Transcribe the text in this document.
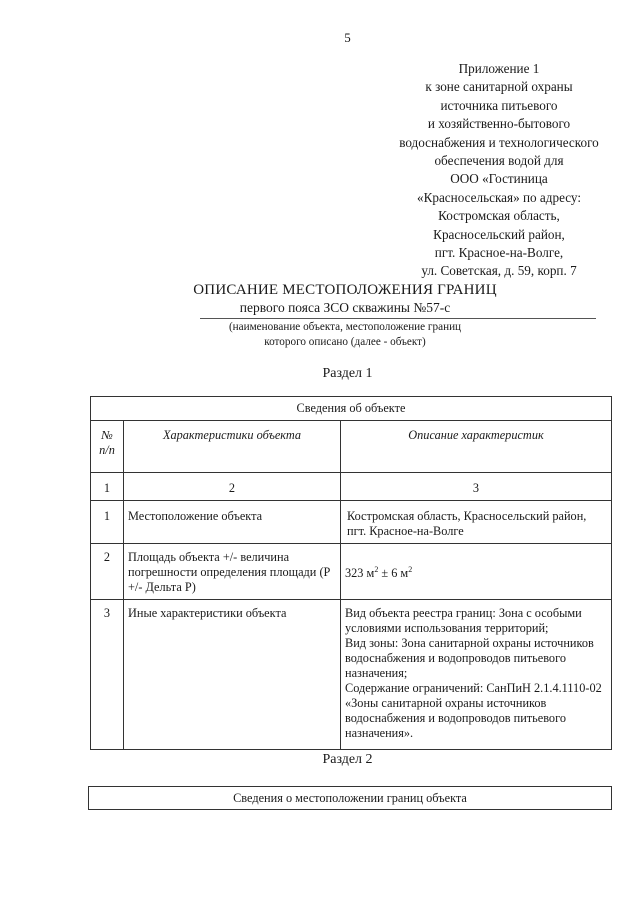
5
Приложение 1
к зоне санитарной охраны
источника питьевого
и хозяйственно-бытового
водоснабжения и технологического
обеспечения водой для
ООО «Гостиница
«Красносельская» по адресу:
Костромская область,
Красносельский район,
пгт. Красное-на-Волге,
ул. Советская, д. 59, корп. 7
ОПИСАНИЕ МЕСТОПОЛОЖЕНИЯ ГРАНИЦ
первого пояса ЗСО скважины №57-с
(наименование объекта, местоположение границ
которого описано (далее - объект)
Раздел 1
Сведения об объекте		
№ п/п	Характеристики объекта	Описание характеристик
1	2	3
1	Местоположение объекта	Костромская область, Красносельский район, пгт. Красное-на-Волге
2	Площадь объекта +/- величина погрешности определения площади (Р +/- Дельта Р)	323 $м^2 \pm 6$ $м^2$
3	Иные характеристики объекта	Вид объекта реестра границ: Зона с особыми условиями использования территорий;
Вид зоны: Зона санитарной охраны источников водоснабжения и водопроводов питьевого назначения;
Содержание ограничений: СанПиН 2.1.4.1110-02 «Зоны санитарной охраны источников водоснабжения и водопроводов питьевого назначения».
Раздел 2
Сведения о местоположении границ объекта
